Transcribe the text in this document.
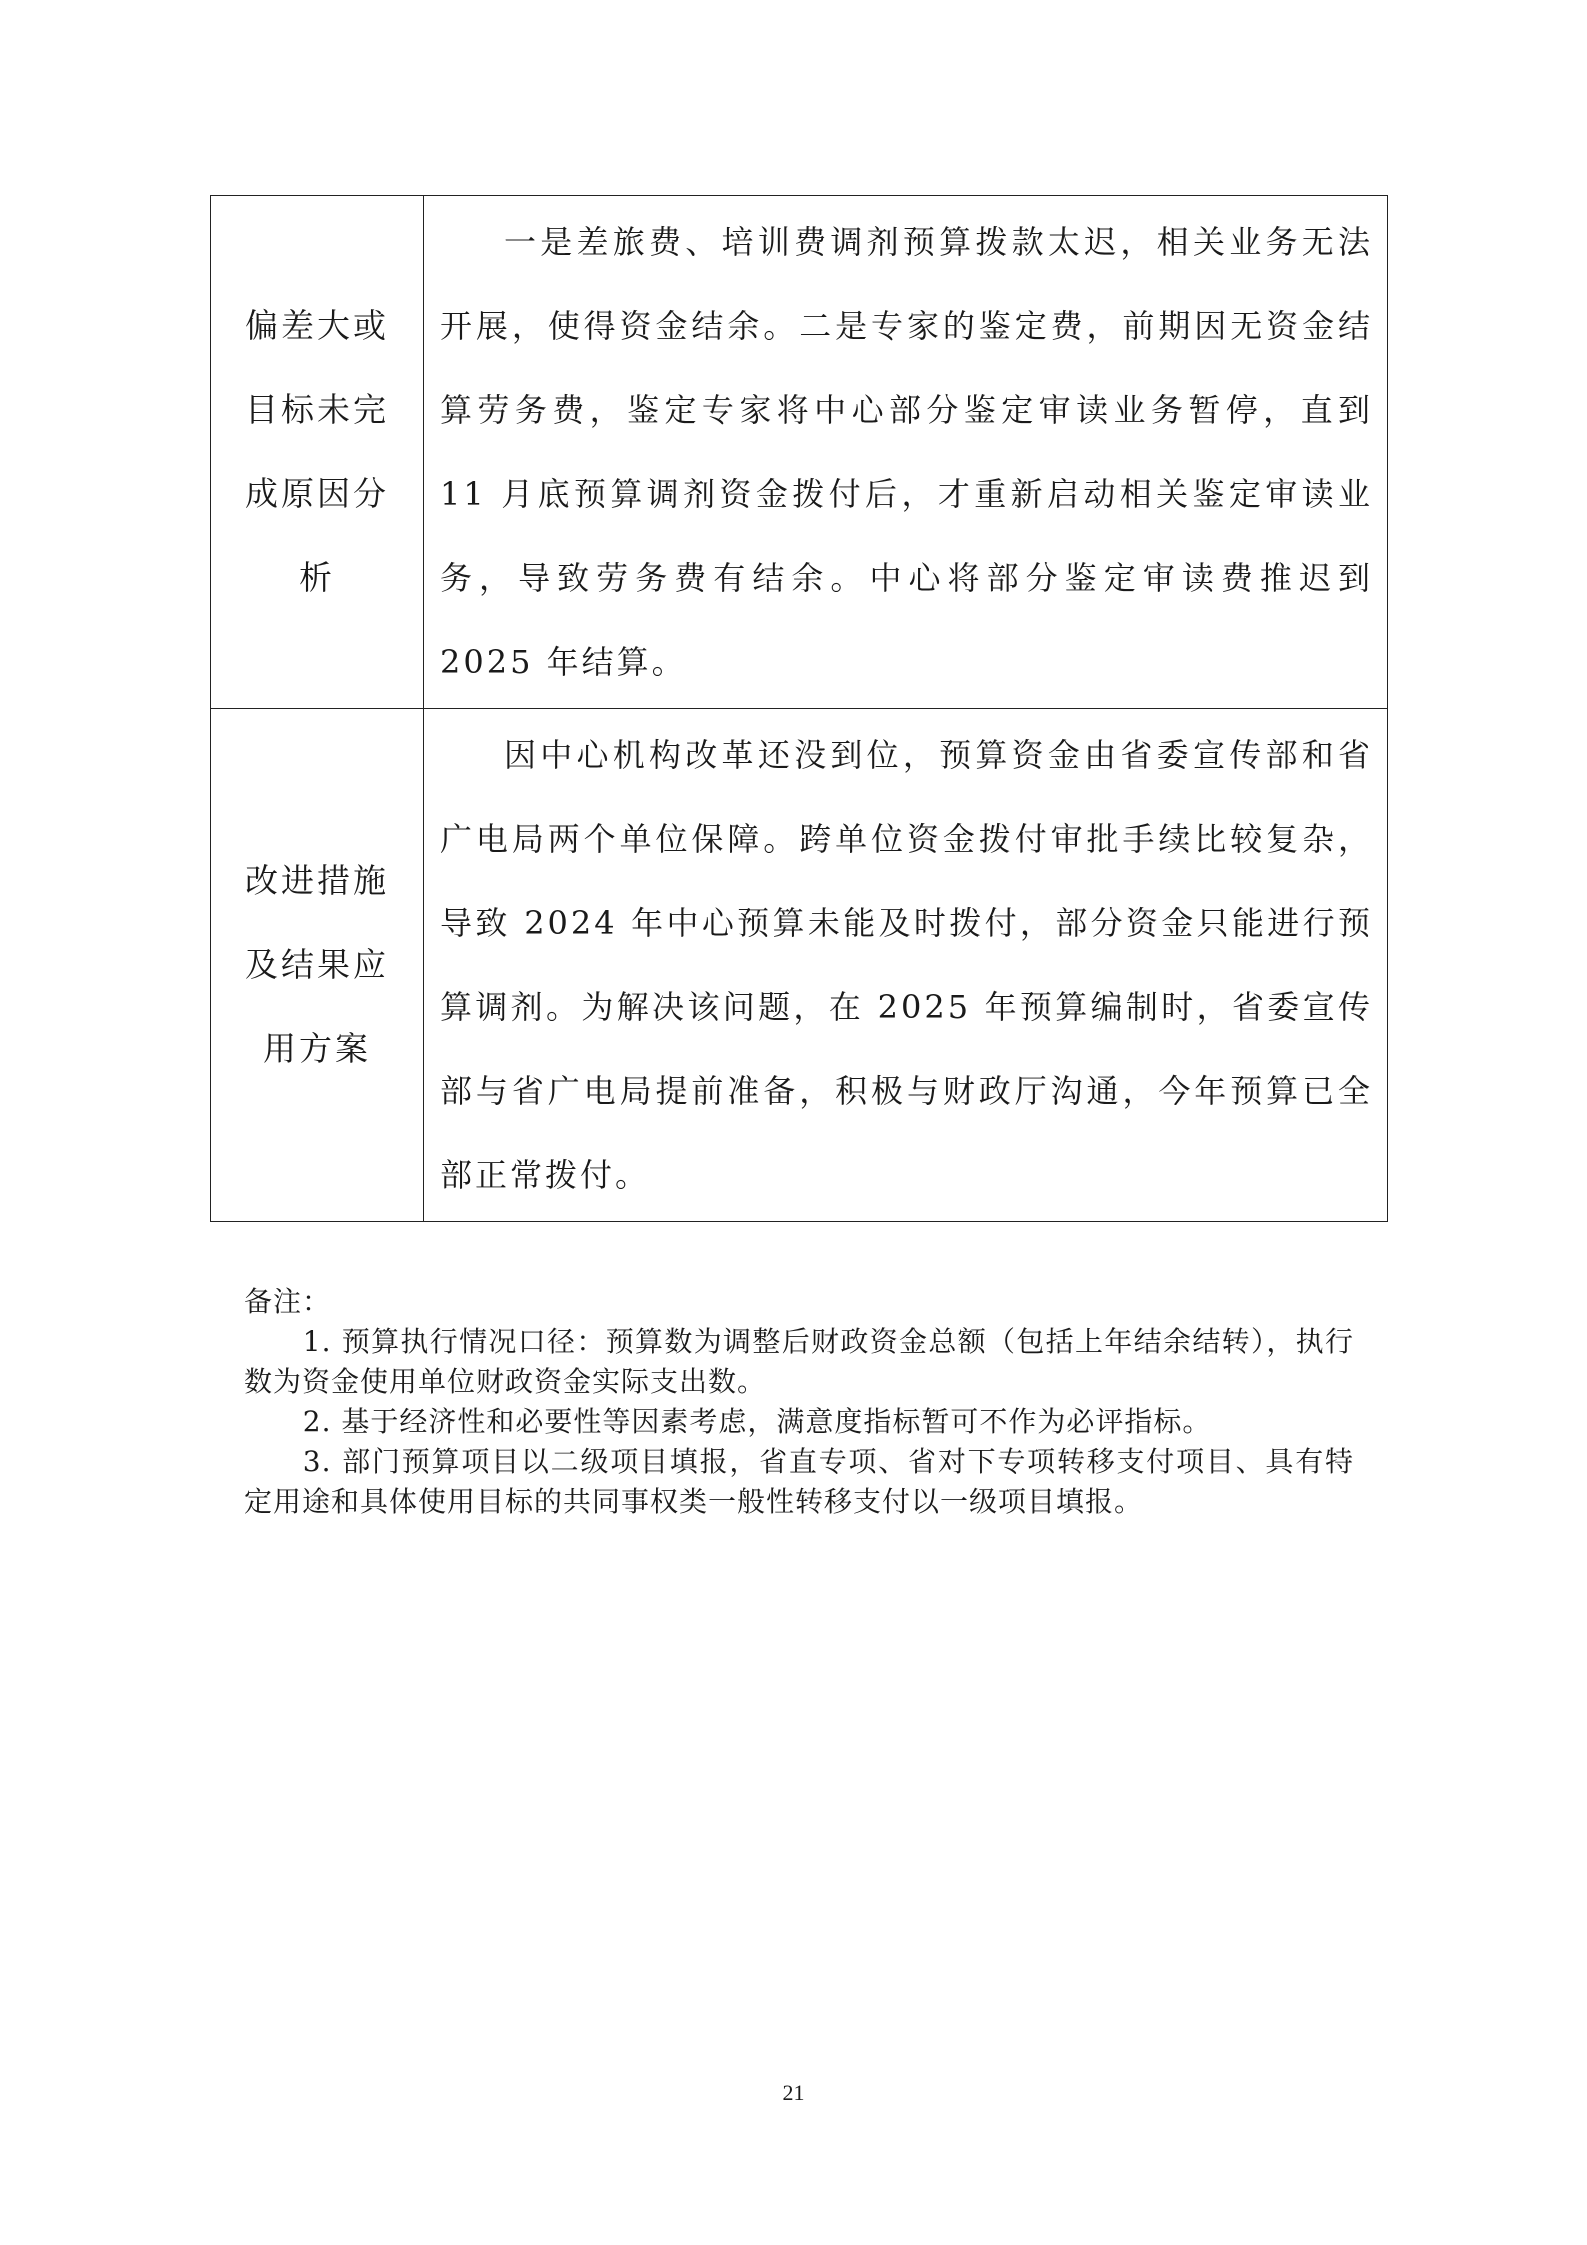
偏差大或
目标未完
成原因分
析	一是差旅费、培训费调剂预算拨款太迟，相关业务无法开展，使得资金结余。二是专家的鉴定费，前期因无资金结算劳务费，鉴定专家将中心部分鉴定审读业务暂停，直到 11 月底预算调剂资金拨付后，才重新启动相关鉴定审读业务，导致劳务费有结余。中心将部分鉴定审读费推迟到 2025 年结算。

改进措施
及结果应
用方案	因中心机构改革还没到位，预算资金由省委宣传部和省广电局两个单位保障。跨单位资金拨付审批手续比较复杂，导致 2024 年中心预算未能及时拨付，部分资金只能进行预算调剂。为解决该问题，在 2025 年预算编制时，省委宣传部与省广电局提前准备，积极与财政厅沟通，今年预算已全部正常拨付。

备注：

1. 预算执行情况口径：预算数为调整后财政资金总额（包括上年结余结转），执行数为资金使用单位财政资金实际支出数。

2. 基于经济性和必要性等因素考虑，满意度指标暂可不作为必评指标。

3. 部门预算项目以二级项目填报，省直专项、省对下专项转移支付项目、具有特定用途和具体使用目标的共同事权类一般性转移支付以一级项目填报。

21
